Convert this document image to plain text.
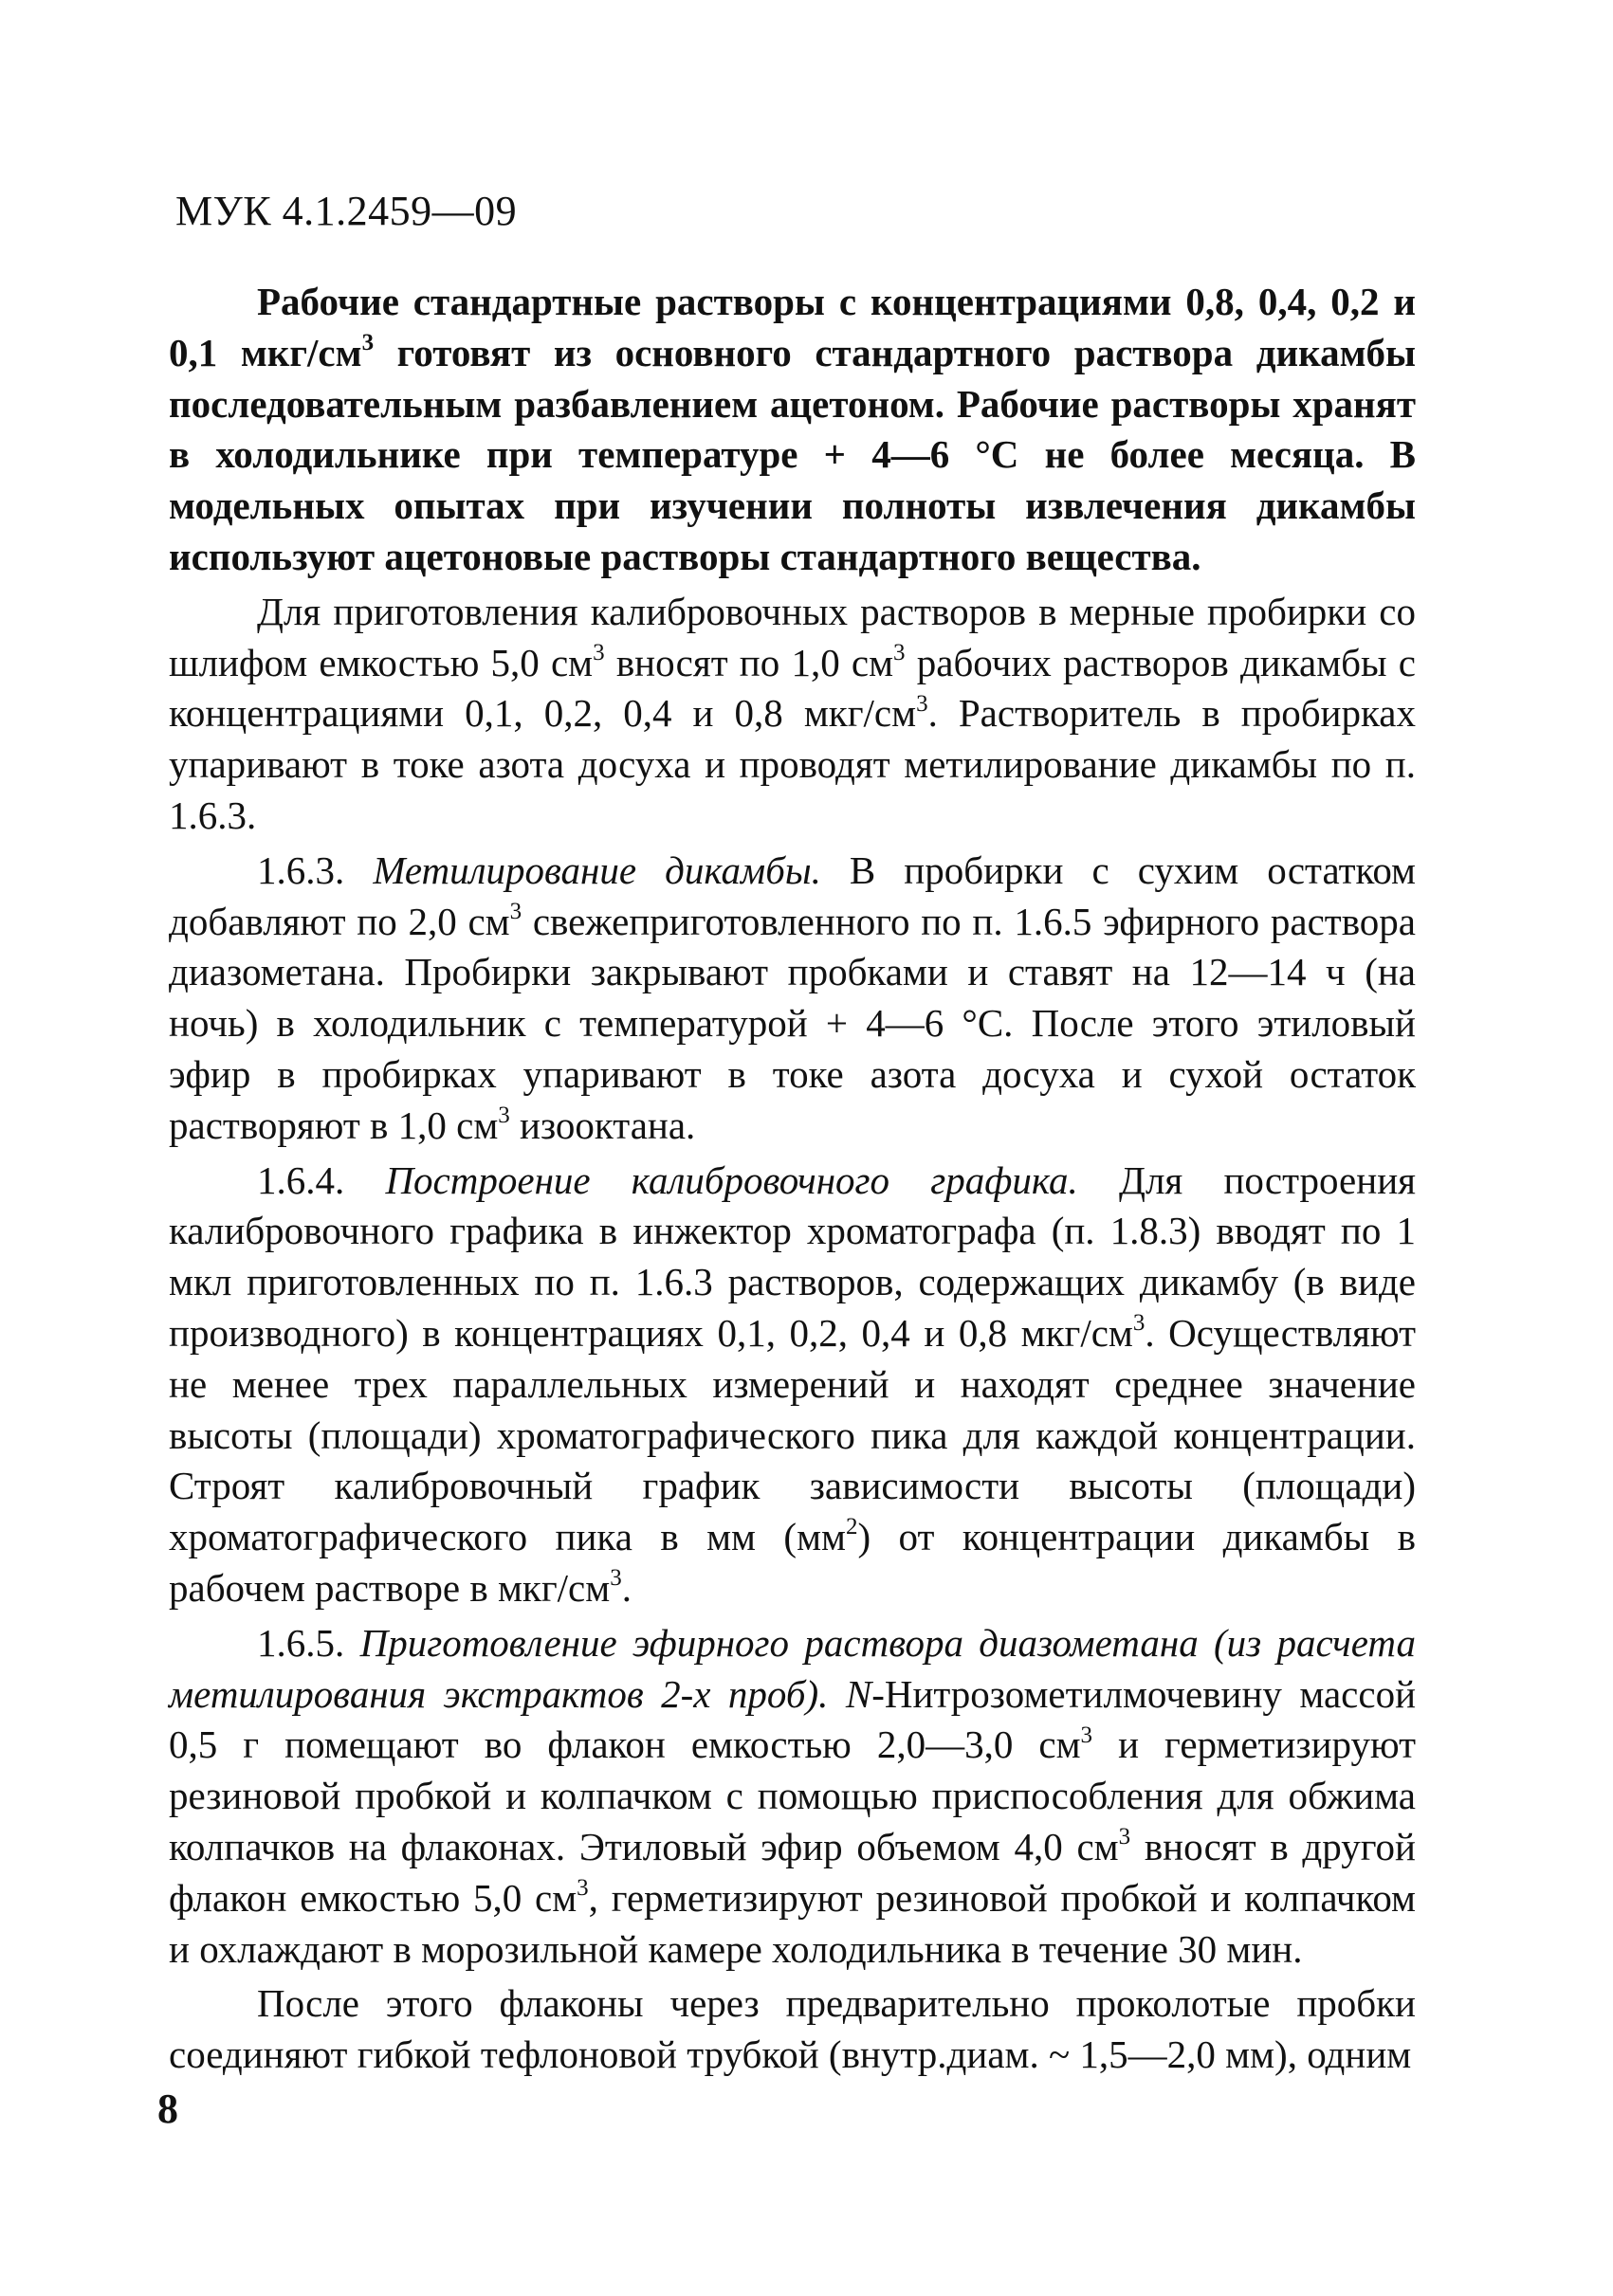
МУК 4.1.2459—09

Рабочие стандартные растворы с концентрациями 0,8, 0,4, 0,2 и 0,1 мкг/$см^3$ готовят из основного стандартного раствора дикамбы последовательным разбавлением ацетоном. Рабочие растворы хранят в холодильнике при температуре + 4—6 °С не более месяца. В модельных опытах при изучении полноты извлечения дикамбы используют ацетоновые растворы стандартного вещества.

Для приготовления калибровочных растворов в мерные пробирки со шлифом емкостью 5,0 $см^3$ вносят по 1,0 $см^3$ рабочих растворов дикамбы с концентрациями 0,1, 0,2, 0,4 и 0,8 мкг/$см^3$. Растворитель в пробирках упаривают в токе азота досуха и проводят метилирование дикамбы по п. 1.6.3.

1.6.3. Метилирование дикамбы. В пробирки с сухим остатком добавляют по 2,0 $см^3$ свежеприготовленного по п. 1.6.5 эфирного раствора диазометана. Пробирки закрывают пробками и ставят на 12—14 ч (на ночь) в холодильник с температурой + 4—6 °С. После этого этиловый эфир в пробирках упаривают в токе азота досуха и сухой остаток растворяют в 1,0 $см^3$ изооктана.

1.6.4. Построение калибровочного графика. Для построения калибровочного графика в инжектор хроматографа (п. 1.8.3) вводят по 1 мкл приготовленных по п. 1.6.3 растворов, содержащих дикамбу (в виде производного) в концентрациях 0,1, 0,2, 0,4 и 0,8 мкг/$см^3$. Осуществляют не менее трех параллельных измерений и находят среднее значение высоты (площади) хроматографического пика для каждой концентрации. Строят калибровочный график зависимости высоты (площади) хроматографического пика в мм $(мм^2)$ от концентрации дикамбы в рабочем растворе в мкг/$см^3$.

1.6.5. Приготовление эфирного раствора диазометана (из расчета метилирования экстрактов 2-х проб). N-Нитрозометилмочевину массой 0,5 г помещают во флакон емкостью 2,0—3,0 $см^3$ и герметизируют резиновой пробкой и колпачком с помощью приспособления для обжима колпачков на флаконах. Этиловый эфир объемом 4,0 $см^3$ вносят в другой флакон емкостью 5,0 $см^3$, герметизируют резиновой пробкой и колпачком и охлаждают в морозильной камере холодильника в течение 30 мин.

После этого флаконы через предварительно проколотые пробки соединяют гибкой тефлоновой трубкой (внутр.диам. ~ 1,5—2,0 мм), одним

8
